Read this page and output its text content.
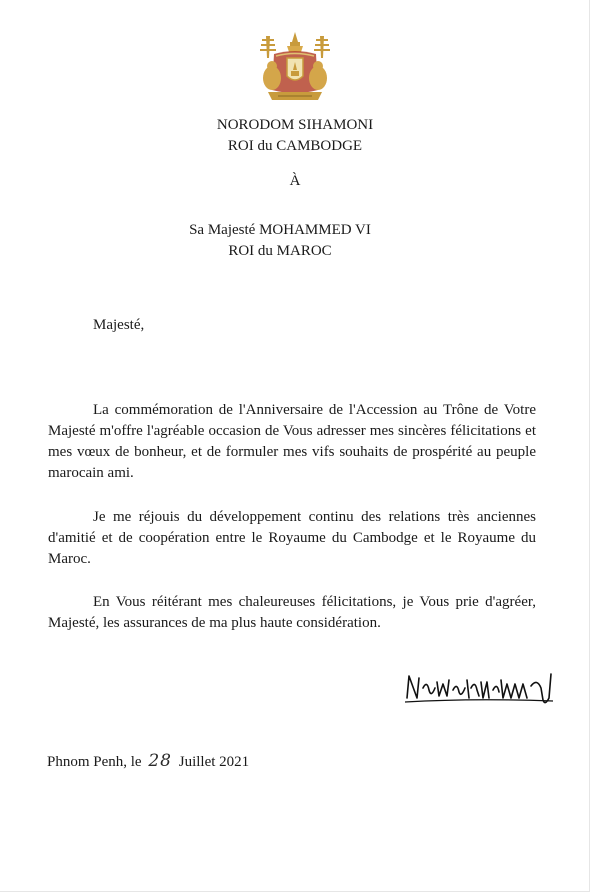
NORODOM SIHAMONI
ROI du CAMBODGE
À
Sa Majesté MOHAMMED VI
ROI du MAROC
Majesté,

La commémoration de l'Anniversaire de l'Accession au Trône de Votre Majesté m'offre l'agréable occasion de Vous adresser mes sincères félicitations et mes vœux de bonheur, et de formuler mes vifs souhaits de prospérité au peuple marocain ami.

Je me réjouis du développement continu des relations très anciennes d'amitié et de coopération entre le Royaume du Cambodge et le Royaume du Maroc.

En Vous réitérant mes chaleureuses félicitations, je Vous prie d'agréer, Majesté, les assurances de ma plus haute considération.

Phnom Penh, le 28 Juillet 2021
